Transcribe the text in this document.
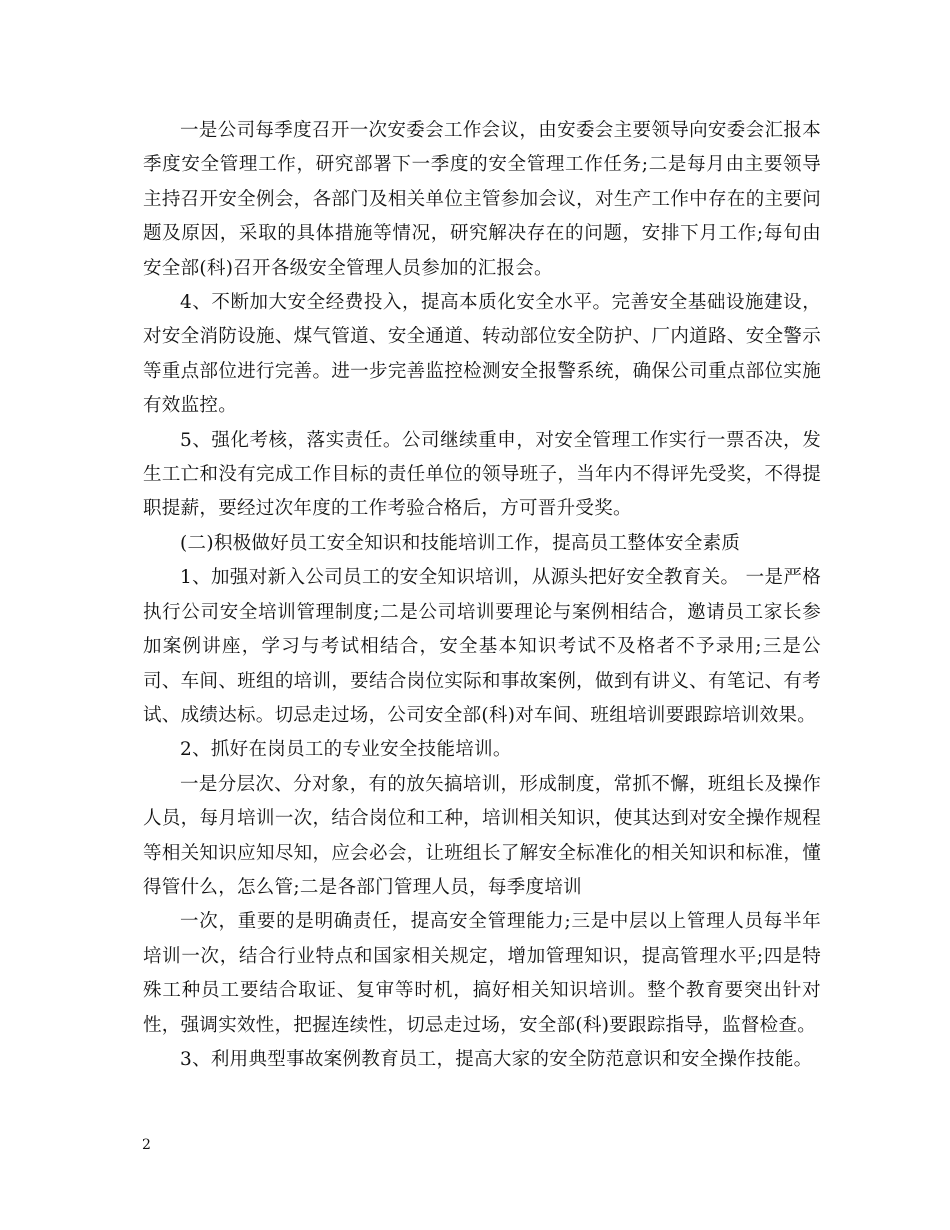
一是公司每季度召开一次安委会工作会议，由安委会主要领导向安委会汇报本季度安全管理工作，研究部署下一季度的安全管理工作任务;二是每月由主要领导主持召开安全例会，各部门及相关单位主管参加会议，对生产工作中存在的主要问题及原因，采取的具体措施等情况，研究解决存在的问题，安排下月工作;每旬由安全部(科)召开各级安全管理人员参加的汇报会。

4、不断加大安全经费投入，提高本质化安全水平。完善安全基础设施建设，对安全消防设施、煤气管道、安全通道、转动部位安全防护、厂内道路、安全警示等重点部位进行完善。进一步完善监控检测安全报警系统，确保公司重点部位实施有效监控。

5、强化考核，落实责任。公司继续重申，对安全管理工作实行一票否决，发生工亡和没有完成工作目标的责任单位的领导班子，当年内不得评先受奖，不得提职提薪，要经过次年度的工作考验合格后，方可晋升受奖。

(二)积极做好员工安全知识和技能培训工作，提高员工整体安全素质

1、加强对新入公司员工的安全知识培训，从源头把好安全教育关。 一是严格执行公司安全培训管理制度;二是公司培训要理论与案例相结合，邀请员工家长参加案例讲座，学习与考试相结合，安全基本知识考试不及格者不予录用;三是公司、车间、班组的培训，要结合岗位实际和事故案例，做到有讲义、有笔记、有考试、成绩达标。切忌走过场，公司安全部(科)对车间、班组培训要跟踪培训效果。

2、抓好在岗员工的专业安全技能培训。

一是分层次、分对象，有的放矢搞培训，形成制度，常抓不懈，班组长及操作人员，每月培训一次，结合岗位和工种，培训相关知识，使其达到对安全操作规程等相关知识应知尽知，应会必会，让班组长了解安全标准化的相关知识和标准，懂得管什么，怎么管;二是各部门管理人员，每季度培训

一次，重要的是明确责任，提高安全管理能力;三是中层以上管理人员每半年培训一次，结合行业特点和国家相关规定，增加管理知识，提高管理水平;四是特殊工种员工要结合取证、复审等时机，搞好相关知识培训。整个教育要突出针对性，强调实效性，把握连续性，切忌走过场，安全部(科)要跟踪指导，监督检查。

3、利用典型事故案例教育员工，提高大家的安全防范意识和安全操作技能。

2
